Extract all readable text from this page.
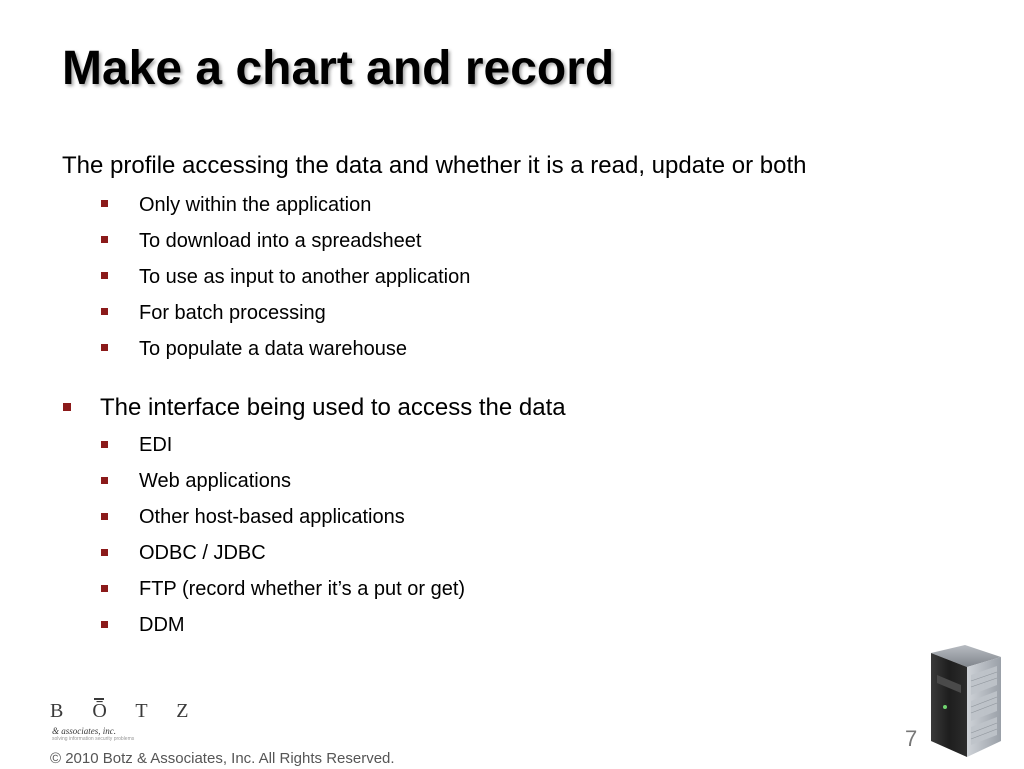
Make a chart and record
The profile accessing the data and whether it is a read, update or both
Only within the application
To download into a spreadsheet
To use as input to another application
For batch processing
To populate a data warehouse
The interface being used to access the data
EDI
Web applications
Other host-based applications
ODBC / JDBC
FTP (record whether it’s a put or get)
DDM
B Ō T Z
& associates, inc.
solving information security problems	7
© 2010 Botz & Associates, Inc. All Rights Reserved.
